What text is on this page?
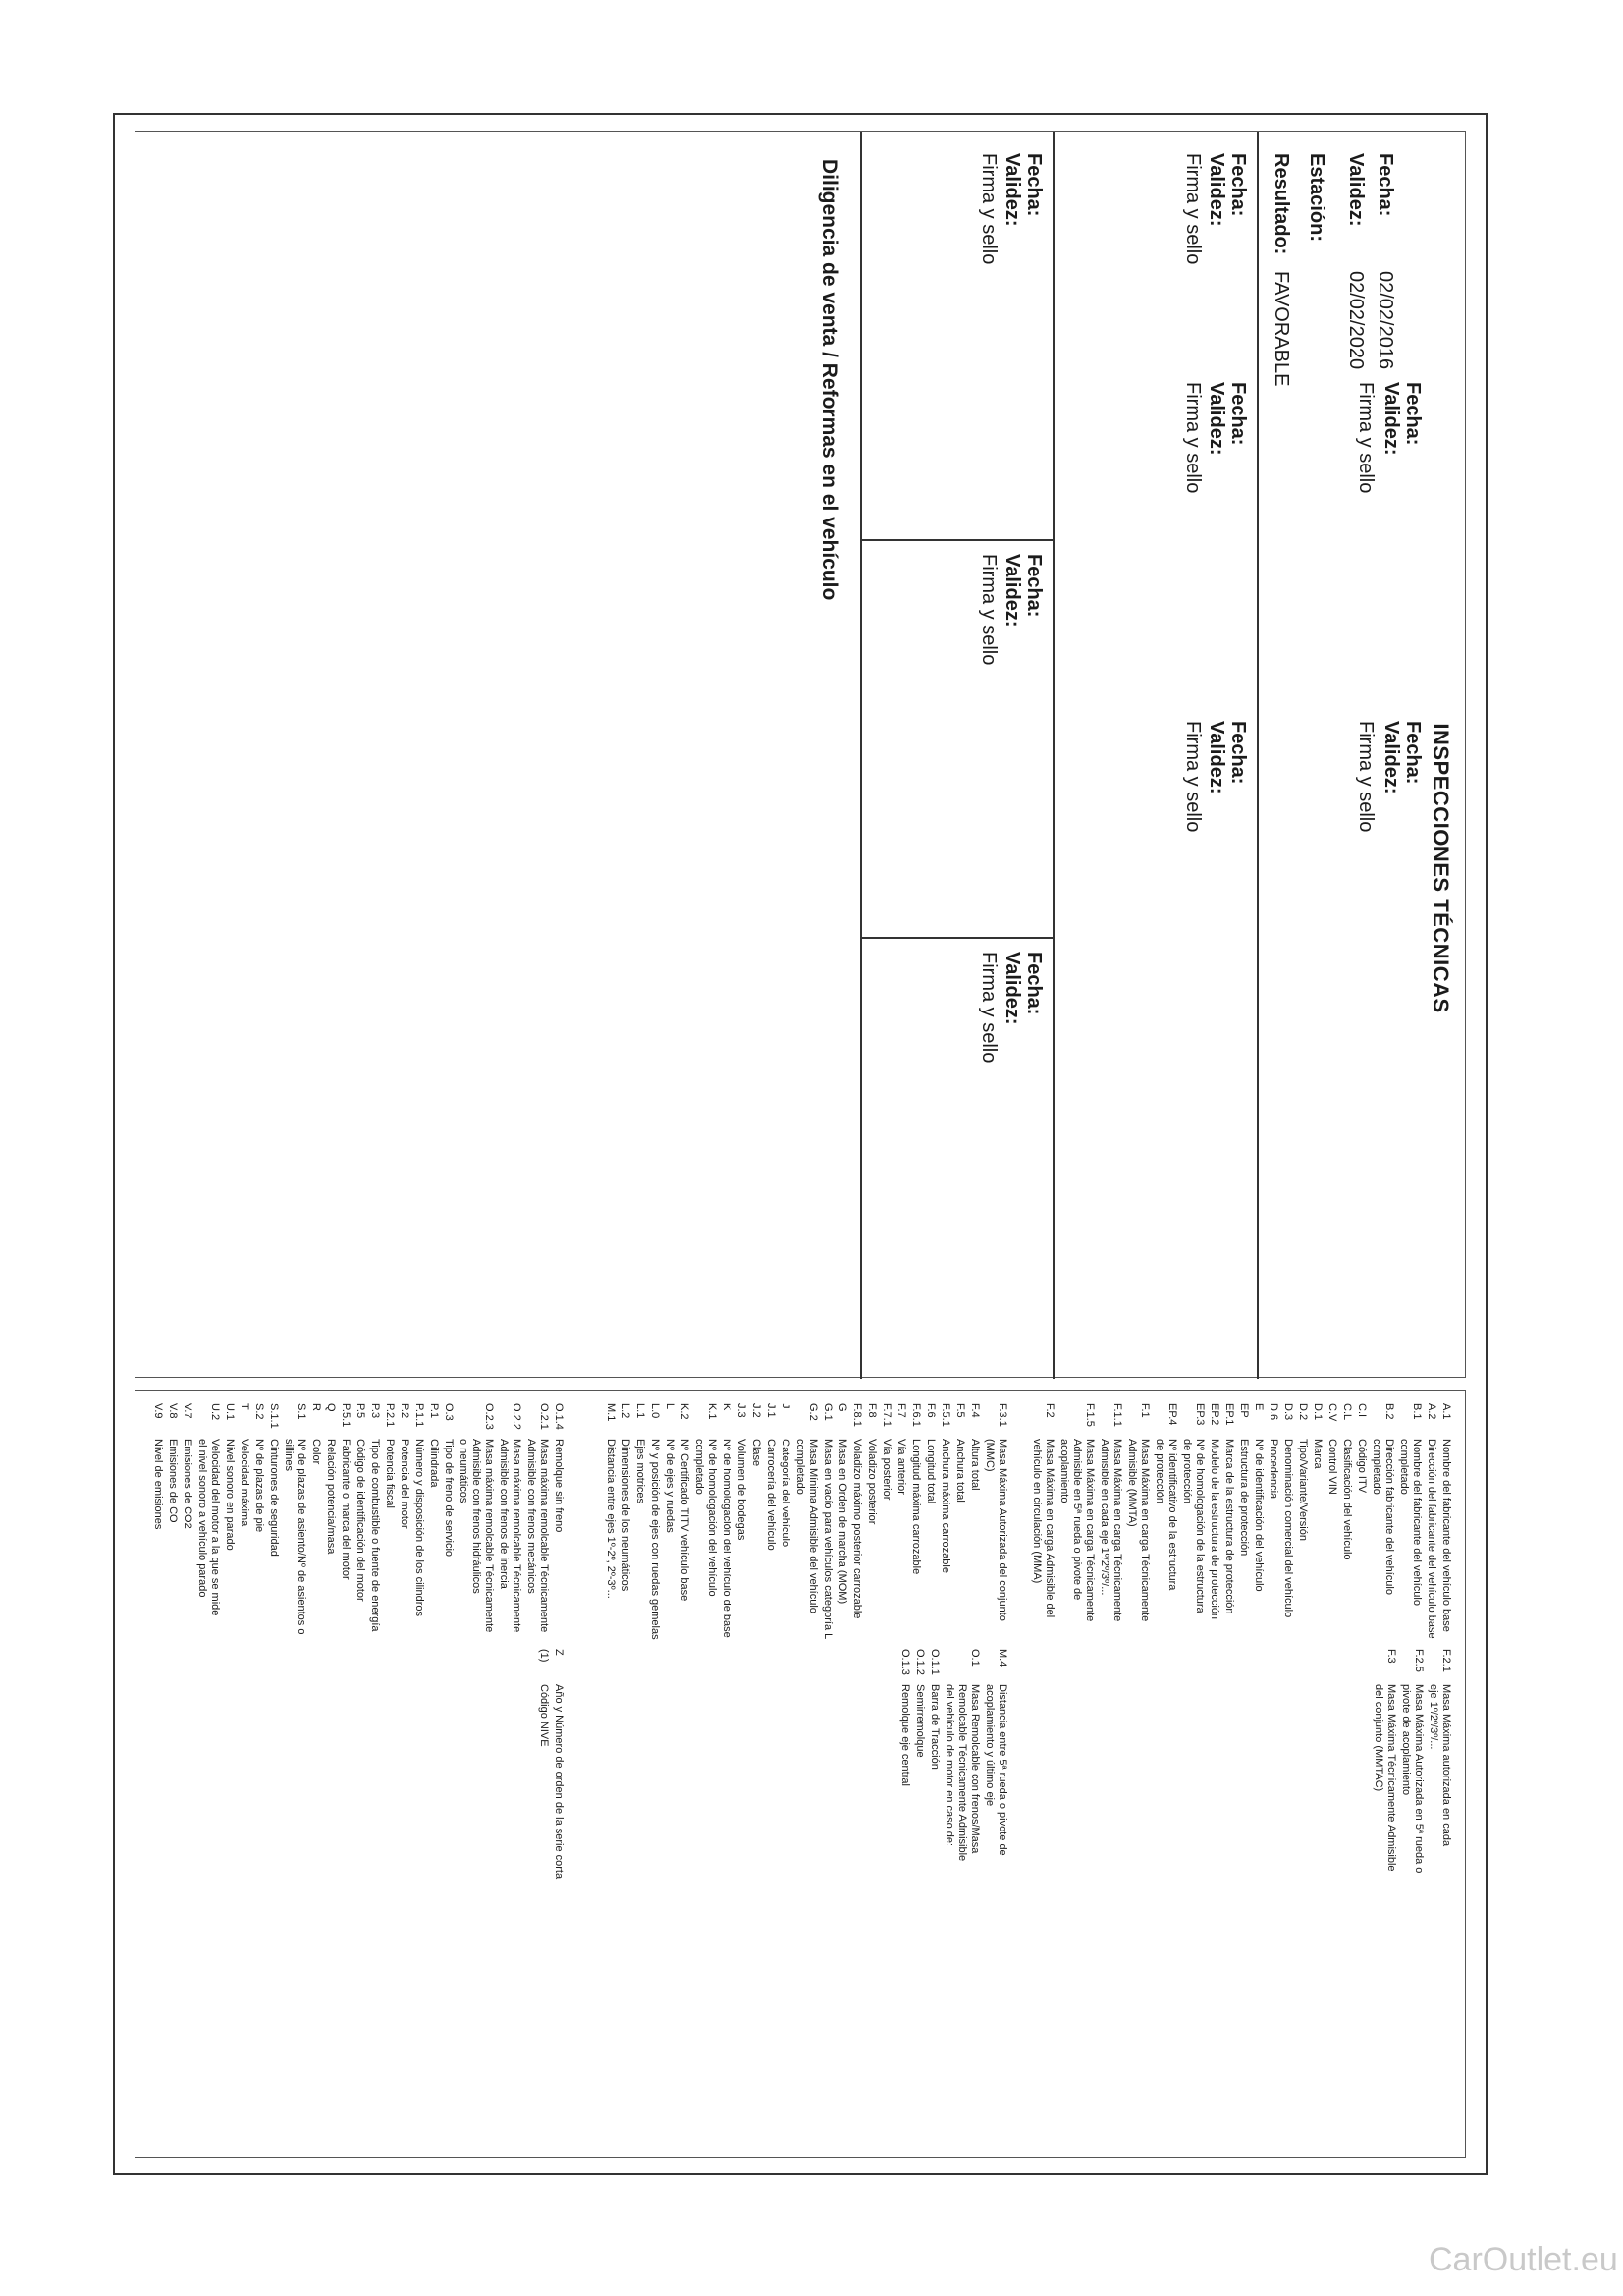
INSPECCIONES TÉCNICAS
Fecha:
02/02/2016
Validez:
02/02/2020
Estación:
Resultado:
FAVORABLE
Fecha:
Validez:
Firma y sello
Fecha:
Validez:
Firma y sello
Fecha:
Validez:
Firma y sello
Fecha:
Validez:
Firma y sello
Fecha:
Validez:
Firma y sello
Fecha:
Validez:
Firma y sello
Fecha:
Validez:
Firma y sello
Fecha:
Validez:
Firma y sello
Diligencia de venta / Reformas en el vehículo
A.1
Nombre del fabricante del vehículo base
A.2
Dirección del fabricante del vehículo base
B.1
Nombre del fabricante del vehículo
completado
B.2
Dirección fabricante del vehículo
completado
C.I
Código ITV
C.L
Clasificación del vehículo
C.V
Control VIN
D.1
Marca
D.2
Tipo/Variante/Versión
D.3
Denominación comercial del vehículo
D.6
Procedencia
E
Nº de identificación del vehículo
EP
Estructura de protección
EP.1
Marca de la estructura de protección
EP.2
Modelo de la estructura de protección
EP.3
Nº de homologación de la estructura
de protección
EP.4
Nº identificativo de la estructura
de protección
F.1
Masa Máxima en carga Técnicamente
Admisible (MMTA)
F.1.1
Masa Máxima en carga Técnicamente
Admisible en cada eje 1º/2º/3º/...
F.1.5
Masa Máxima en carga Técnicamente
Admisible en 5ª rueda o pivote de
acoplamiento
F.2
Masa Máxima en carga Admisible del
vehículo en circulación (MMA)
F.2.1
Masa Máxima autorizada en cada
eje 1º/2º/3º/...
F.2.5
Masa Máxima Autorizada en 5ª rueda o
pivote de acoplamiento
F.3
Masa Máxima Técnicamente Admisible
del conjunto (MMTAC)
F.3.1
Masa Máxima Autorizada del conjunto
(MMC)
F.4
Altura total
F.5
Anchura total
F.5.1
Anchura máxima carrozable
F.6
Longitud total
F.6.1
Longitud máxima carrozable
F.7
Vía anterior
F.7.1
Vía posterior
F.8
Voladizo posterior
F.8.1
Voladizo máximo posterior carrozable
G
Masa en Orden de marcha (MOM)
G.1
Masa en vacío para vehículos categoría L
G.2
Masa Mínima Admisible del vehículo
completado
J
Categoría del vehículo
J.1
Carrocería del vehículo
J.2
Clase
J.3
Volumen de bodegas
K
Nº de homologación del vehículo de base
K.1
Nº de homologación del vehículo
completado
K.2
Nº Certificado TITV vehículo base
L
Nº de ejes y ruedas
L.0
Nº y posición de ejes con ruedas gemelas
L.1
Ejes motrices
L.2
Dimensiones de los neumáticos
M.1
Distancia entre ejes 1º-2º, 2º-3º...
M.4
Distancia entre 5ª rueda o pivote de
acoplamiento y último eje
O.1
Masa Remolcable con frenos/Masa
Remolcable Técnicamente Admisible
del vehículo de motor en caso de:
O.1.1
Barra de Tracción
O.1.2
Semirremolque
O.1.3
Remolque eje central
O.1.4
Remolque sin freno
O.2.1
Masa máxima remolcable Técnicamente
Admisible con frenos mecánicos
O.2.2
Masa máxima remolcable Técnicamente
Admisible con frenos de inercia
O.2.3
Masa máxima remolcable Técnicamente
Admisible con frenos hidráulicos
o neumáticos
O.3
Tipo de freno de servicio
P.1
Cilindrada
P.1.1
Número y disposición de los cilindros
P.2
Potencia del motor
P.2.1
Potencia fiscal
P.3
Tipo de combustible o fuente de energía
P.5
Código de identificación del motor
P.5.1
Fabricante o marca del motor
Q
Relación potencia/masa
R
Color
S.1
Nº de plazas de asiento/Nº de asientos o
sillines
S.1.1
Cinturones de seguridad
S.2
Nº de plazas de pie
T
Velocidad máxima
U.1
Nivel sonoro en parado
U.2
Velocidad del motor a la que se mide
el nivel sonoro a vehículo parado
V.7
Emisiones de CO2
V.8
Emisiones de CO
V.9
Nivel de emisiones
Z
Año y Número de orden de la serie corta
(1)
Código NIVE
CarOutlet.eu
